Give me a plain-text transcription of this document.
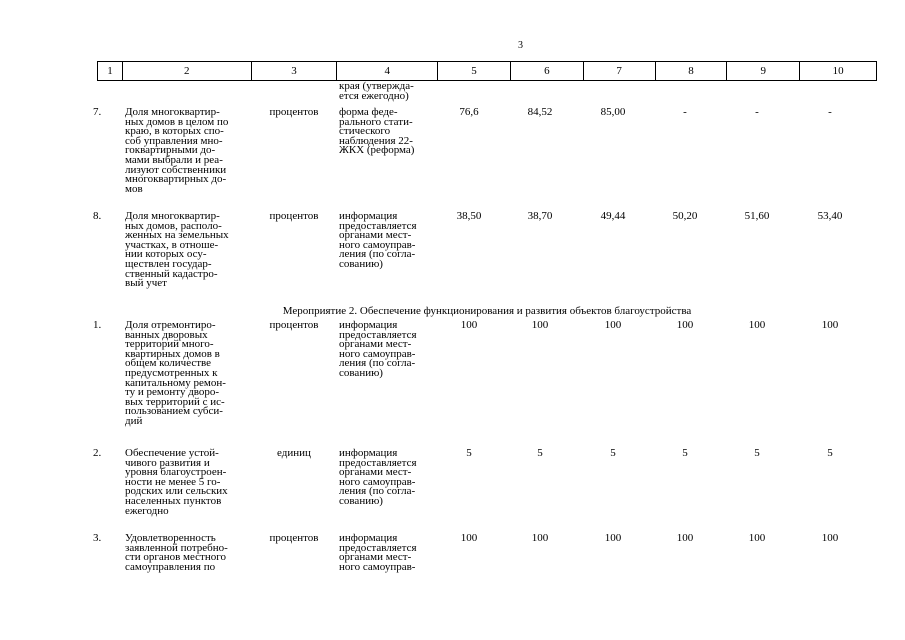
3
1	2	3	4	5	6	7	8	9	10
края (утвержда-
ется ежегодно)
Мероприятие 2. Обеспечение функционирования и развития объектов благоустройства
7.	Доля многоквартир-
ных домов в целом по
краю, в которых спо-
соб управления мно-
гоквартирными до-
мами выбрали и реа-
лизуют собственники
многоквартирных до-
мов
процентов	форма феде-
рального стати-
стического
наблюдения 22-
ЖКХ (реформа)
76,6	84,52	85,00	-	-	-
8.	Доля многоквартир-
ных домов, располо-
женных на земельных
участках, в отноше-
нии которых осу-
ществлен государ-
ственный кадастро-
вый учет
процентов	информация
предоставляется
органами мест-
ного самоуправ-
ления (по согла-
сованию)
38,50	38,70	49,44	50,20	51,60	53,40
1.	Доля отремонтиро-
ванных дворовых
территорий много-
квартирных домов в
общем количестве
предусмотренных к
капитальному ремон-
ту и ремонту дворо-
вых территорий с ис-
пользованием субси-
дий
процентов	информация
предоставляется
органами мест-
ного самоуправ-
ления (по согла-
сованию)
100	100	100	100	100	100
2.	Обеспечение устой-
чивого развития и
уровня благоустроен-
ности не менее 5 го-
родских или сельских
населенных пунктов
ежегодно
единиц	информация
предоставляется
органами мест-
ного самоуправ-
ления (по согла-
сованию)
5	5	5	5	5	5
3.	Удовлетворенность
заявленной потребно-
сти органов местного
самоуправления по
процентов	информация
предоставляется
органами мест-
ного самоуправ-
100	100	100	100	100	100
